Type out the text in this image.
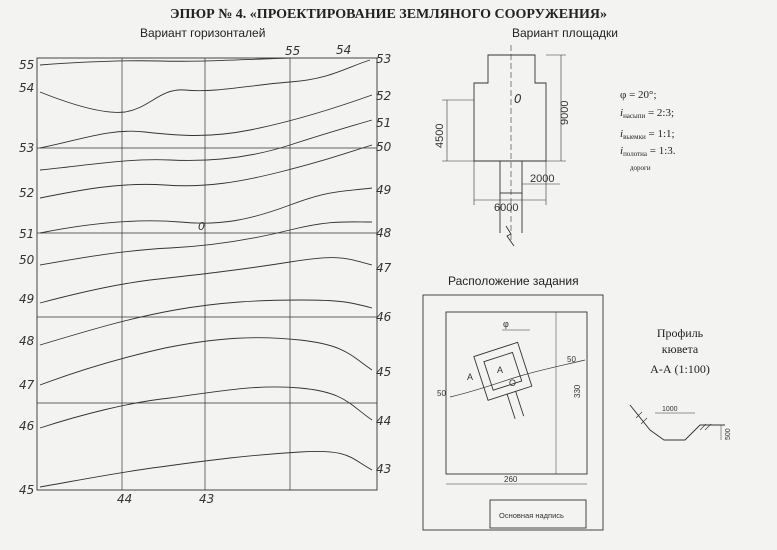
ЭПЮР № 4. «ПРОЕКТИРОВАНИЕ ЗЕМЛЯНОГО СООРУЖЕНИЯ»
Вариант горизонталей	Вариант площадки
Расположение задания
φ = 20°;
$i_{насыпи}$ = 2:3;
$i_{выемки}$ = 1:1;
$i_{полотна}$ = 1:3.
$_{дороги}$
Профиль
кювета
А-А (1:100)
55
54
53
52
51
50
49
48
47
46
45
53
52
51
50
49
48
47
46
45
44
43
55	54
44	43
0
0
9000
4500
2000
6000
φ
A
A
O
50
50
330
260
Основная надпись
1000
500
